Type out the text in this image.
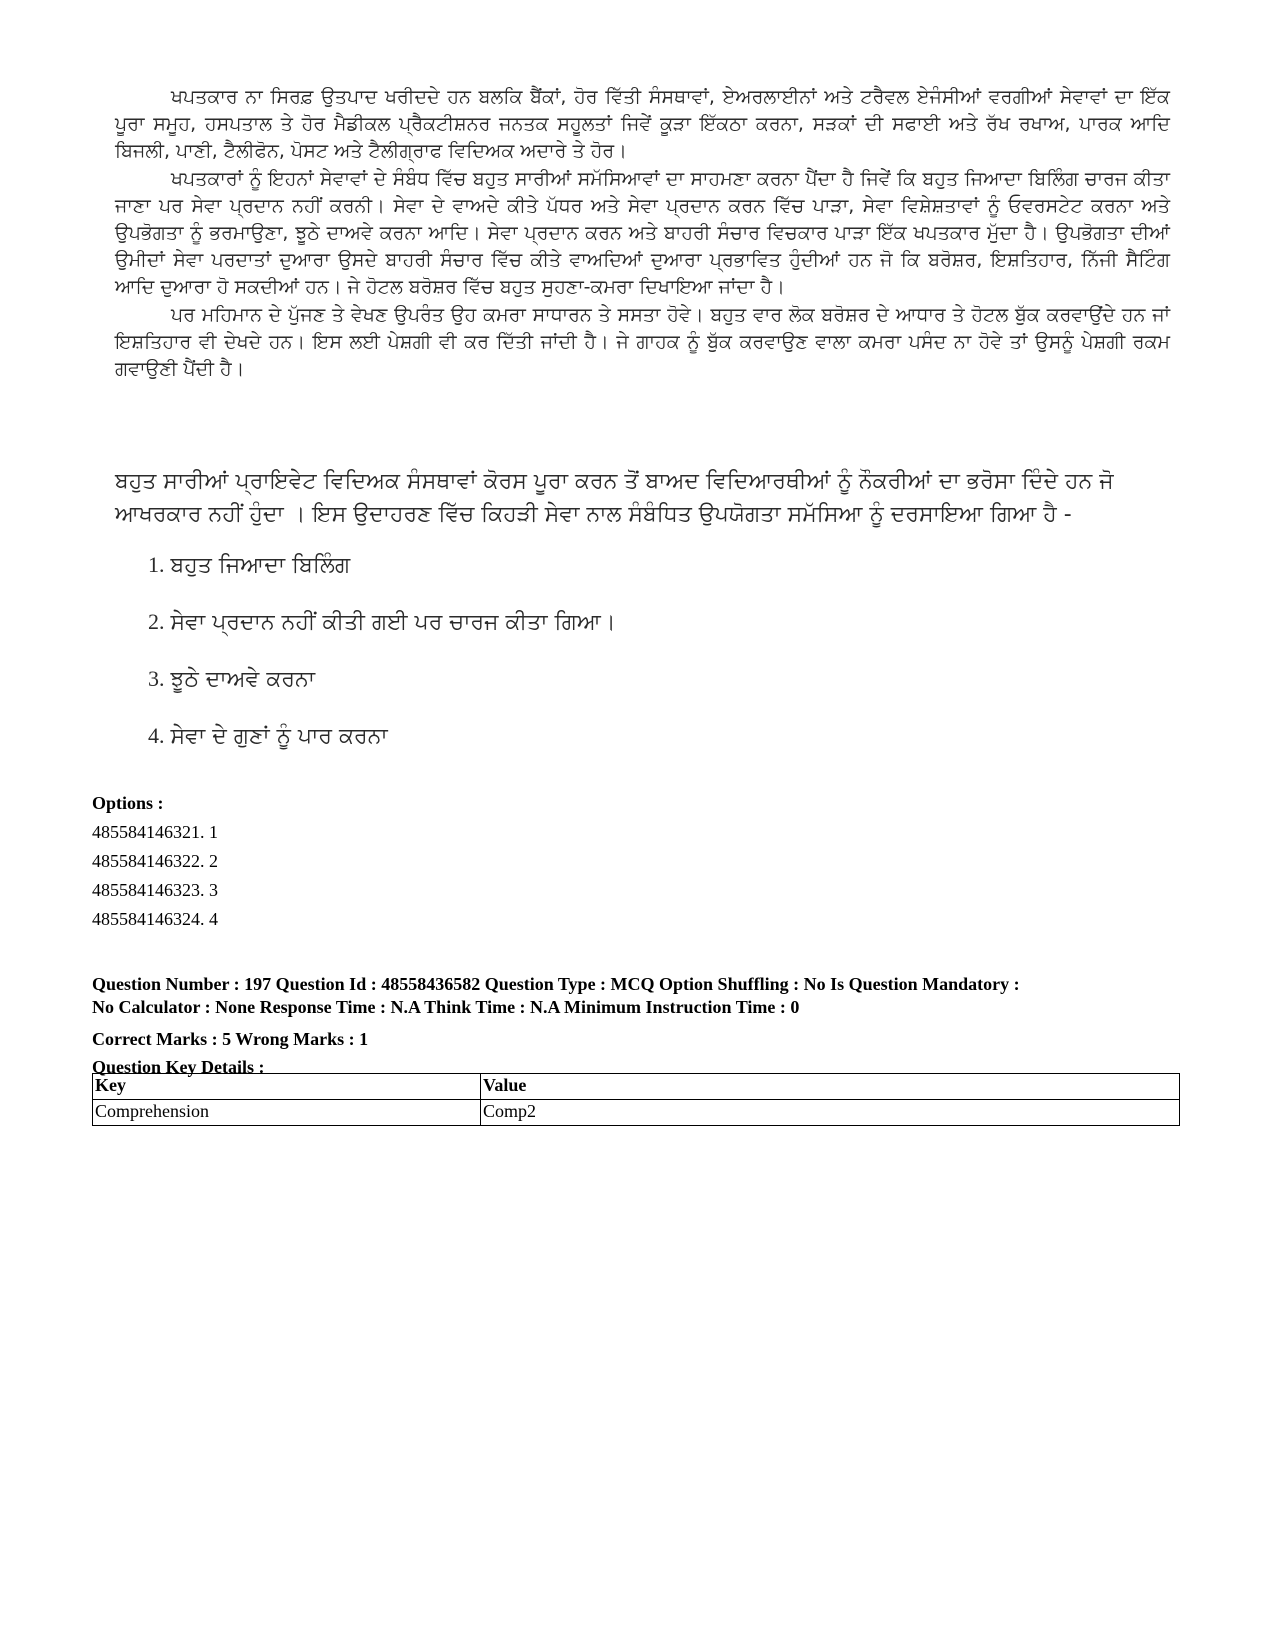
ਖਪਤਕਾਰ ਨਾ ਸਿਰਫ਼ ਉਤਪਾਦ ਖਰੀਦਦੇ ਹਨ ਬਲਕਿ ਬੈਂਕਾਂ, ਹੋਰ ਵਿੱਤੀ ਸੰਸਥਾਵਾਂ, ਏਅਰਲਾਈਨਾਂ ਅਤੇ ਟਰੈਵਲ ਏਜੰਸੀਆਂ ਵਰਗੀਆਂ ਸੇਵਾਵਾਂ ਦਾ ਇੱਕ ਪੂਰਾ ਸਮੂਹ, ਹਸਪਤਾਲ ਤੇ ਹੋਰ ਮੈਡੀਕਲ ਪ੍ਰੈਕਟੀਸ਼ਨਰ ਜਨਤਕ ਸਹੂਲਤਾਂ ਜਿਵੇਂ ਕੂੜਾ ਇੱਕਠਾ ਕਰਨਾ, ਸੜਕਾਂ ਦੀ ਸਫਾਈ ਅਤੇ ਰੱਖ ਰਖਾਅ, ਪਾਰਕ ਆਦਿ ਬਿਜਲੀ, ਪਾਣੀ, ਟੈਲੀਫੋਨ, ਪੋਸਟ ਅਤੇ ਟੈਲੀਗ੍ਰਾਫ ਵਿਦਿਅਕ ਅਦਾਰੇ ਤੇ ਹੋਰ।

ਖਪਤਕਾਰਾਂ ਨੂੰ ਇਹਨਾਂ ਸੇਵਾਵਾਂ ਦੇ ਸੰਬੰਧ ਵਿੱਚ ਬਹੁਤ ਸਾਰੀਆਂ ਸਮੱਸਿਆਵਾਂ ਦਾ ਸਾਹਮਣਾ ਕਰਨਾ ਪੈਂਦਾ ਹੈ ਜਿਵੇਂ ਕਿ ਬਹੁਤ ਜਿਆਦਾ ਬਿਲਿੰਗ ਚਾਰਜ ਕੀਤਾ ਜਾਣਾ ਪਰ ਸੇਵਾ ਪ੍ਰਦਾਨ ਨਹੀਂ ਕਰਨੀ। ਸੇਵਾ ਦੇ ਵਾਅਦੇ ਕੀਤੇ ਪੱਧਰ ਅਤੇ ਸੇਵਾ ਪ੍ਰਦਾਨ ਕਰਨ ਵਿੱਚ ਪਾੜਾ, ਸੇਵਾ ਵਿਸ਼ੇਸ਼ਤਾਵਾਂ ਨੂੰ ਓਵਰਸਟੇਟ ਕਰਨਾ ਅਤੇ ਉਪਭੋਗਤਾ ਨੂੰ ਭਰਮਾਉਣਾ, ਝੂਠੇ ਦਾਅਵੇ ਕਰਨਾ ਆਦਿ। ਸੇਵਾ ਪ੍ਰਦਾਨ ਕਰਨ ਅਤੇ ਬਾਹਰੀ ਸੰਚਾਰ ਵਿਚਕਾਰ ਪਾੜਾ ਇੱਕ ਖਪਤਕਾਰ ਮੁੱਦਾ ਹੈ। ਉਪਭੋਗਤਾ ਦੀਆਂ ਉਮੀਦਾਂ ਸੇਵਾ ਪਰਦਾਤਾਂ ਦੁਆਰਾ ਉਸਦੇ ਬਾਹਰੀ ਸੰਚਾਰ ਵਿੱਚ ਕੀਤੇ ਵਾਅਦਿਆਂ ਦੁਆਰਾ ਪ੍ਰਭਾਵਿਤ ਹੁੰਦੀਆਂ ਹਨ ਜੋ ਕਿ ਬਰੋਸ਼ਰ, ਇਸ਼ਤਿਹਾਰ, ਨਿੱਜੀ ਸੈਟਿੰਗ ਆਦਿ ਦੁਆਰਾ ਹੋ ਸਕਦੀਆਂ ਹਨ। ਜੇ ਹੋਟਲ ਬਰੋਸ਼ਰ ਵਿੱਚ ਬਹੁਤ ਸੁਹਣਾ-ਕਮਰਾ ਦਿਖਾਇਆ ਜਾਂਦਾ ਹੈ।

ਪਰ ਮਹਿਮਾਨ ਦੇ ਪੁੱਜਣ ਤੇ ਵੇਖਣ ਉਪਰੰਤ ਉਹ ਕਮਰਾ ਸਾਧਾਰਨ ਤੇ ਸਸਤਾ ਹੋਵੇ। ਬਹੁਤ ਵਾਰ ਲੋਕ ਬਰੋਸ਼ਰ ਦੇ ਆਧਾਰ ਤੇ ਹੋਟਲ ਬੁੱਕ ਕਰਵਾਉਂਦੇ ਹਨ ਜਾਂ ਇਸ਼ਤਿਹਾਰ ਵੀ ਦੇਖਦੇ ਹਨ। ਇਸ ਲਈ ਪੇਸ਼ਗੀ ਵੀ ਕਰ ਦਿੱਤੀ ਜਾਂਦੀ ਹੈ। ਜੇ ਗਾਹਕ ਨੂੰ ਬੁੱਕ ਕਰਵਾਉਣ ਵਾਲਾ ਕਮਰਾ ਪਸੰਦ ਨਾ ਹੋਵੇ ਤਾਂ ਉਸਨੂੰ ਪੇਸ਼ਗੀ ਰਕਮ ਗਵਾਉਣੀ ਪੈਂਦੀ ਹੈ।

ਬਹੁਤ ਸਾਰੀਆਂ ਪ੍ਰਾਇਵੇਟ ਵਿਦਿਅਕ ਸੰਸਥਾਵਾਂ ਕੋਰਸ ਪੂਰਾ ਕਰਨ ਤੋਂ ਬਾਅਦ ਵਿਦਿਆਰਥੀਆਂ ਨੂੰ ਨੌਕਰੀਆਂ ਦਾ ਭਰੋਸਾ ਦਿੰਦੇ ਹਨ ਜੋ ਆਖਰਕਾਰ ਨਹੀਂ ਹੁੰਦਾ । ਇਸ ਉਦਾਹਰਣ ਵਿੱਚ ਕਿਹੜੀ ਸੇਵਾ ਨਾਲ ਸੰਬੰਧਿਤ ਉਪਯੋਗਤਾ ਸਮੱਸਿਆ ਨੂੰ ਦਰਸਾਇਆ ਗਿਆ ਹੈ -

1. ਬਹੁਤ ਜਿਆਦਾ ਬਿਲਿੰਗ
2. ਸੇਵਾ ਪ੍ਰਦਾਨ ਨਹੀਂ ਕੀਤੀ ਗਈ ਪਰ ਚਾਰਜ ਕੀਤਾ ਗਿਆ।
3. ਝੂਠੇ ਦਾਅਵੇ ਕਰਨਾ
4. ਸੇਵਾ ਦੇ ਗੁਣਾਂ ਨੂੰ ਪਾਰ ਕਰਨਾ
Options :
485584146321. 1
485584146322. 2
485584146323. 3
485584146324. 4

Question Number : 197 Question Id : 48558436582 Question Type : MCQ Option Shuffling : No Is Question Mandatory :

No Calculator : None Response Time : N.A Think Time : N.A Minimum Instruction Time : 0

Correct Marks : 5 Wrong Marks : 1
Question Key Details :
Key	Value
Comprehension	Comp2
